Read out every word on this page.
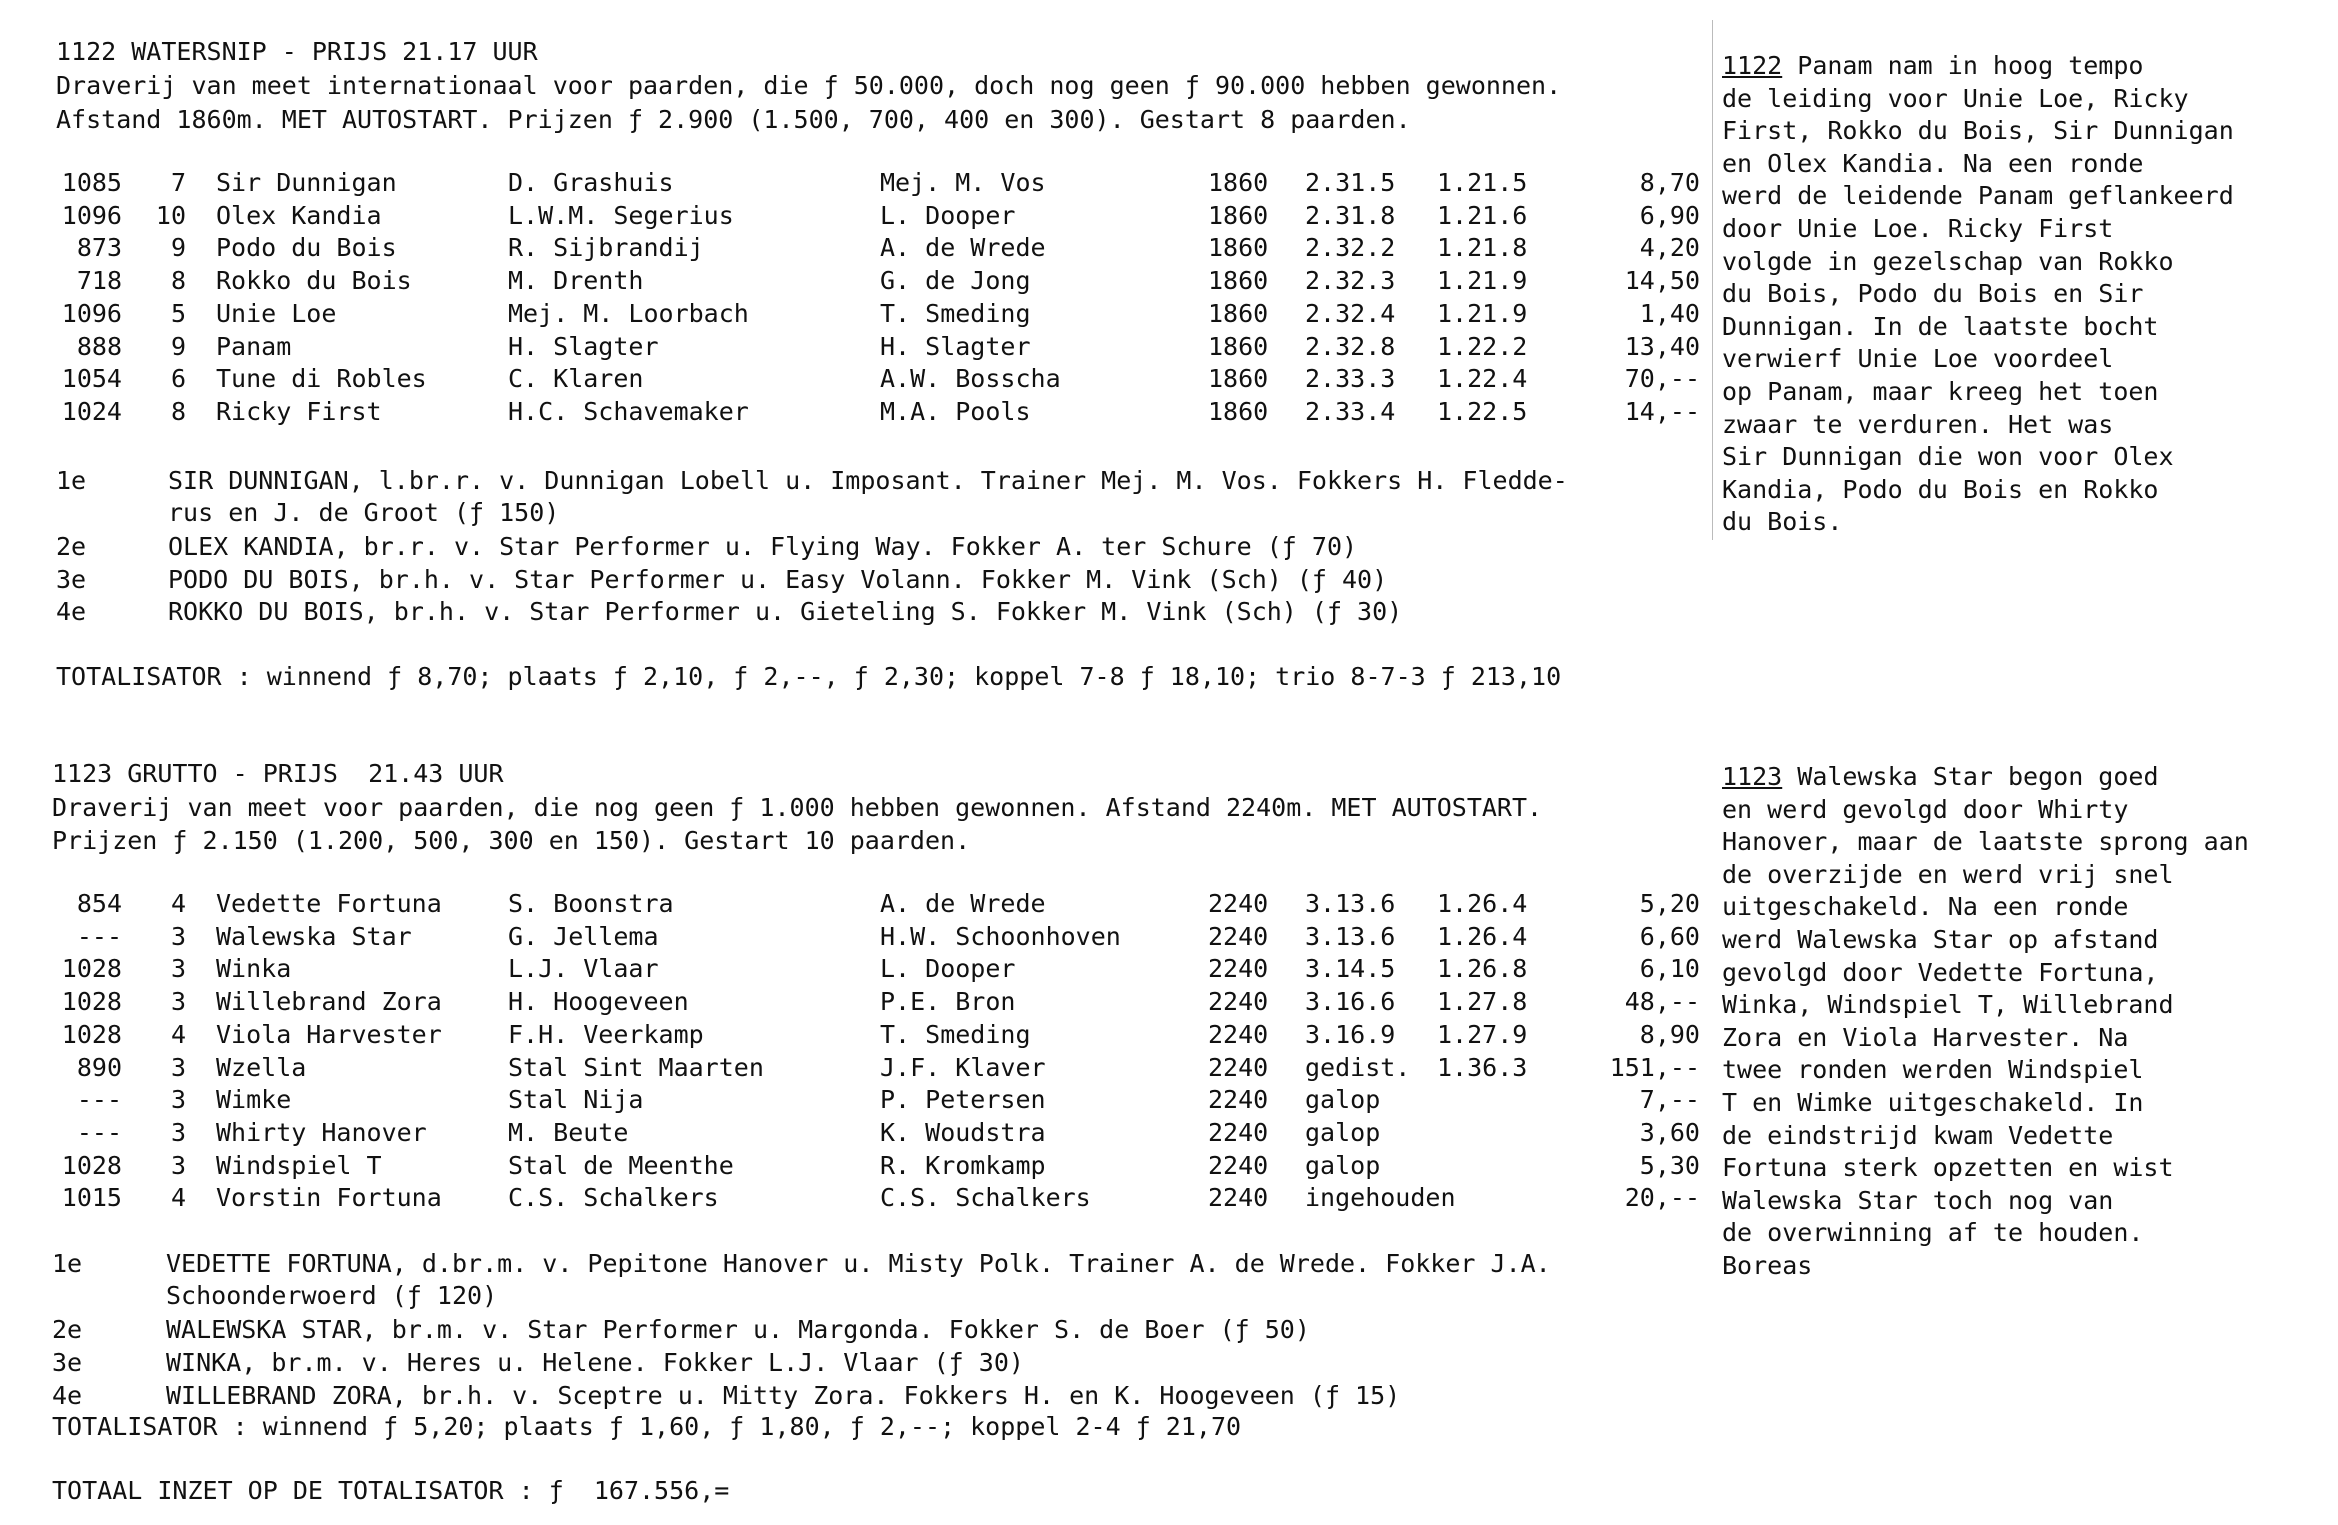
1122 WATERSNIP - PRIJS 21.17 UUR
Draverij van meet internationaal voor paarden, die ƒ 50.000, doch nog geen ƒ 90.000 hebben gewonnen.
Afstand 1860m. MET AUTOSTART. Prijzen ƒ 2.900 (1.500, 700, 400 en 300). Gestart 8 paarden.
1085	7 Sir Dunnigan	D. Grashuis	Mej. M. Vos	1860 2.31.5 1.21.5	8,70
1096 10 Olex Kandia	L.W.M. Segerius	L. Dooper	1860 2.31.8 1.21.6	6,90
873	9 Podo du Bois	R. Sijbrandij	A. de Wrede	1860 2.32.2 1.21.8	4,20
718	8 Rokko du Bois	M. Drenth	G. de Jong	1860 2.32.3 1.21.9	14,50
1096	5 Unie Loe	Mej. M. Loorbach	T. Smeding	1860 2.32.4 1.21.9	1,40
888	9 Panam	H. Slagter	H. Slagter	1860 2.32.8 1.22.2	13,40
1054	6 Tune di Robles	C. Klaren	A.W. Bosscha	1860 2.33.3 1.22.4	70,--
1024	8 Ricky First	H.C. Schavemaker	M.A. Pools	1860 2.33.4 1.22.5	14,--
1e	SIR DUNNIGAN, l.br.r. v. Dunnigan Lobell u. Imposant. Trainer Mej. M. Vos. Fokkers H. Fledde-
rus en J. de Groot (ƒ 150)
2e	OLEX KANDIA, br.r. v. Star Performer u. Flying Way. Fokker A. ter Schure (ƒ 70)
3e	PODO DU BOIS, br.h. v. Star Performer u. Easy Volann. Fokker M. Vink (Sch) (ƒ 40)
4e	ROKKO DU BOIS, br.h. v. Star Performer u. Gieteling S. Fokker M. Vink (Sch) (ƒ 30)
TOTALISATOR : winnend ƒ 8,70; plaats ƒ 2,10, ƒ 2,--, ƒ 2,30; koppel 7-8 ƒ 18,10; trio 8-7-3 ƒ 213,10
1122 Panam nam in hoog tempo
de leiding voor Unie Loe, Ricky
First, Rokko du Bois, Sir Dunnigan
en Olex Kandia. Na een ronde
werd de leidende Panam geflankeerd
door Unie Loe. Ricky First
volgde in gezelschap van Rokko
du Bois, Podo du Bois en Sir
Dunnigan. In de laatste bocht
verwierf Unie Loe voordeel
op Panam, maar kreeg het toen
zwaar te verduren. Het was
Sir Dunnigan die won voor Olex
Kandia, Podo du Bois en Rokko
du Bois.
1123 GRUTTO - PRIJS  21.43 UUR
Draverij van meet voor paarden, die nog geen ƒ 1.000 hebben gewonnen. Afstand 2240m. MET AUTOSTART.
Prijzen ƒ 2.150 (1.200, 500, 300 en 150). Gestart 10 paarden.
854	4 Vedette Fortuna	S. Boonstra	A. de Wrede	2240 3.13.6 1.26.4	5,20
---	3 Walewska Star	G. Jellema	H.W. Schoonhoven	2240 3.13.6 1.26.4	6,60
1028	3 Winka	L.J. Vlaar	L. Dooper	2240 3.14.5 1.26.8	6,10
1028	3 Willebrand Zora	H. Hoogeveen	P.E. Bron	2240 3.16.6 1.27.8	48,--
1028	4 Viola Harvester	F.H. Veerkamp	T. Smeding	2240 3.16.9 1.27.9	8,90
890	3 Wzella	Stal Sint Maarten	J.F. Klaver	2240 gedist. 1.36.3	151,--
---	3 Wimke	Stal Nija	P. Petersen	2240 galop	7,--
---	3 Whirty Hanover	M. Beute	K. Woudstra	2240 galop	3,60
1028	3 Windspiel T	Stal de Meenthe	R. Kromkamp	2240 galop	5,30
1015	4 Vorstin Fortuna	C.S. Schalkers	C.S. Schalkers	2240 ingehouden	20,--
1e	VEDETTE FORTUNA, d.br.m. v. Pepitone Hanover u. Misty Polk. Trainer A. de Wrede. Fokker J.A.
Schoonderwoerd (ƒ 120)
2e	WALEWSKA STAR, br.m. v. Star Performer u. Margonda. Fokker S. de Boer (ƒ 50)
3e	WINKA, br.m. v. Heres u. Helene. Fokker L.J. Vlaar (ƒ 30)
4e	WILLEBRAND ZORA, br.h. v. Sceptre u. Mitty Zora. Fokkers H. en K. Hoogeveen (ƒ 15)
TOTALISATOR : winnend ƒ 5,20; plaats ƒ 1,60, ƒ 1,80, ƒ 2,--; koppel 2-4 ƒ 21,70
1123 Walewska Star begon goed
en werd gevolgd door Whirty
Hanover, maar de laatste sprong aan
de overzijde en werd vrij snel
uitgeschakeld. Na een ronde
werd Walewska Star op afstand
gevolgd door Vedette Fortuna,
Winka, Windspiel T, Willebrand
Zora en Viola Harvester. Na
twee ronden werden Windspiel
T en Wimke uitgeschakeld. In
de eindstrijd kwam Vedette
Fortuna sterk opzetten en wist
Walewska Star toch nog van
de overwinning af te houden.
Boreas
TOTAAL INZET OP DE TOTALISATOR : ƒ  167.556,=
